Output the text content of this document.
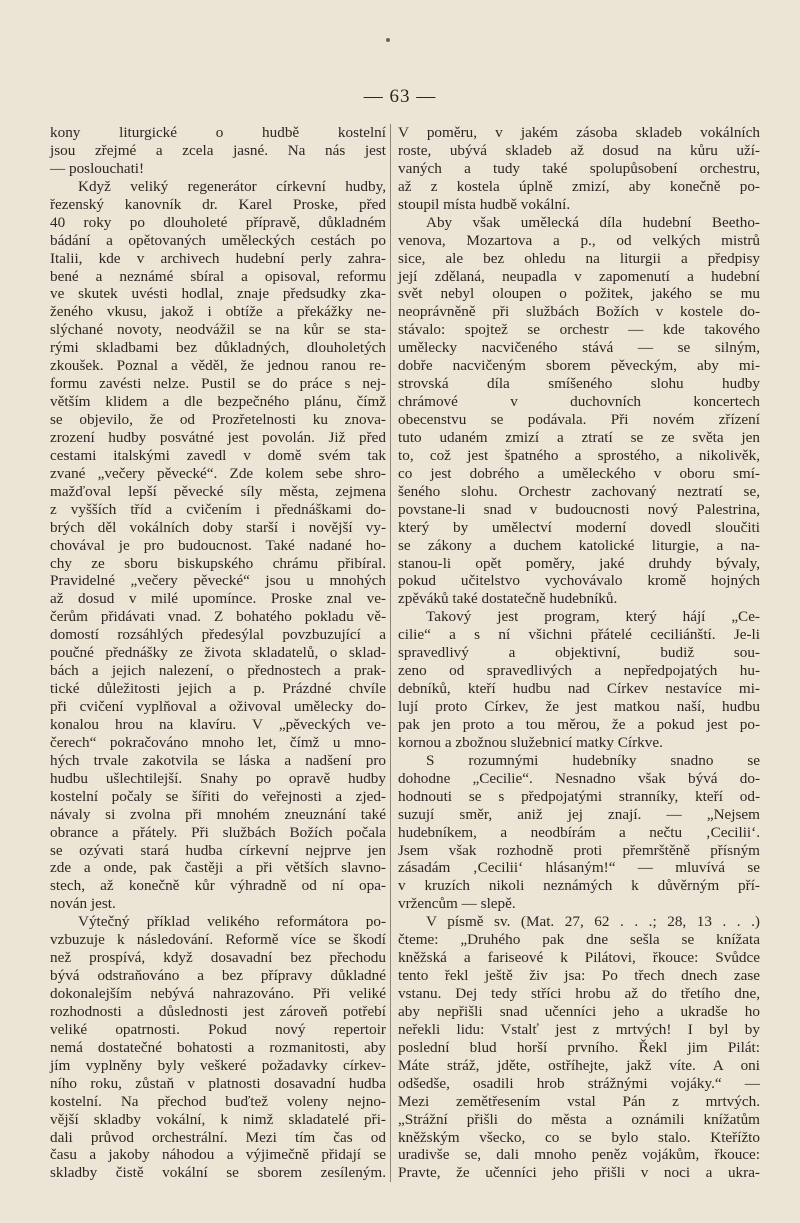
— 63 —
kony liturgické o hudbě kostelní
jsou zřejmé a zcela jasné. Na nás jest
— poslouchati!
Když veliký regenerátor církevní hudby,
řezenský kanovník dr. Karel Proske, před
40 roky po dlouholeté přípravě, důkladném
bádání a opětovaných uměleckých cestách po
Italii, kde v archivech hudební perly zahra-
bené a neznámé sbíral a opisoval, reformu
ve skutek uvésti hodlal, znaje předsudky zka-
ženého vkusu, jakož i obtíže a překážky ne-
slýchané novoty, neodvážil se na kůr se sta-
rými skladbami bez důkladných, dlouholetých
zkoušek. Poznal a věděl, že jednou ranou re-
formu zavésti nelze. Pustil se do práce s nej-
větším klidem a dle bezpečného plánu, čímž
se objevilo, že od Prozřetelnosti ku znova-
zrození hudby posvátné jest povolán. Již před
cestami italskými zavedl v domě svém tak
zvané „večery pěvecké“. Zde kolem sebe shro-
mažďoval lepší pěvecké síly města, zejmena
z vyšších tříd a cvičením i přednáškami do-
brých děl vokálních doby starší i novější vy-
chovával je pro budoucnost. Také nadané ho-
chy ze sboru biskupského chrámu přibíral.
Pravidelné „večery pěvecké“ jsou u mnohých
až dosud v milé upomínce. Proske znal ve-
čerům přidávati vnad. Z bohatého pokladu vě-
domostí rozsáhlých předesýlal povzbuzující a
poučné přednášky ze života skladatelů, o sklad-
bách a jejich nalezení, o přednostech a prak-
tické důležitosti jejich a p. Prázdné chvíle
při cvičení vyplňoval a oživoval umělecky do-
konalou hrou na klavíru. V „pěveckých ve-
čerech“ pokračováno mnoho let, čímž u mno-
hých trvale zakotvila se láska a nadšení pro
hudbu ušlechtilejší. Snahy po opravě hudby
kostelní počaly se šířiti do veřejnosti a zjed-
návaly si zvolna při mnohém zneuznání také
obrance a přátely. Při službách Božích počala
se ozývati stará hudba církevní nejprve jen
zde a onde, pak častěji a při větších slavno-
stech, až konečně kůr výhradně od ní opa-
nován jest.
Výtečný příklad velikého reformátora po-
vzbuzuje k následování. Reformě více se škodí
než prospívá, když dosavadní bez přechodu
bývá odstraňováno a bez přípravy důkladné
dokonalejším nebývá nahrazováno. Při veliké
rozhodnosti a důslednosti jest zároveň potřebí
veliké opatrnosti. Pokud nový repertoir
nemá dostatečné bohatosti a rozmanitosti, aby
jím vyplněny byly veškeré požadavky církev-
ního roku, zůstaň v platnosti dosavadní hudba
kostelní. Na přechod buďtež voleny nejno-
vější skladby vokální, k nimž skladatelé při-
dali průvod orchestrální. Mezi tím čas od
času a jakoby náhodou a výjimečně přidají se
skladby čistě vokální se sborem zesíleným.
V poměru, v jakém zásoba skladeb vokálních
roste, ubývá skladeb až dosud na kůru uží-
vaných a tudy také spolupůsobení orchestru,
až z kostela úplně zmizí, aby konečně po-
stoupil místa hudbě vokální.
Aby však umělecká díla hudební Beetho-
venova, Mozartova a p., od velkých mistrů
sice, ale bez ohledu na liturgii a předpisy
její zdělaná, neupadla v zapomenutí a hudební
svět nebyl oloupen o požitek, jakého se mu
neoprávněně při službách Božích v kostele do-
stávalo: spojtež se orchestr — kde takového
umělecky nacvičeného stává — se silným,
dobře nacvičeným sborem pěveckým, aby mi-
strovská díla smíšeného slohu hudby
chrámové v duchovních koncertech
obecenstvu se podávala. Při novém zřízení
tuto udaném zmizí a ztratí se ze světa jen
to, což jest špatného a sprostého, a nikolivěk,
co jest dobrého a uměleckého v oboru smí-
šeného slohu. Orchestr zachovaný neztratí se,
povstane-li snad v budoucnosti nový Palestrina,
který by umělectví moderní dovedl sloučiti
se zákony a duchem katolické liturgie, a na-
stanou-li opět poměry, jaké druhdy bývaly,
pokud učitelstvo vychovávalo kromě hojných
zpěváků také dostatečně hudebníků.
Takový jest program, který hájí „Ce-
cilie“ a s ní všichni přátelé ceciliánští. Je-li
spravedlivý a objektivní, budiž sou-
zeno od spravedlivých a nepředpojatých hu-
debníků, kteří hudbu nad Církev nestavíce mi-
lují proto Církev, že jest matkou naší, hudbu
pak jen proto a tou měrou, že a pokud jest po-
kornou a zbožnou služebnicí matky Církve.
S rozumnými hudebníky snadno se
dohodne „Cecilie“. Nesnadno však bývá do-
hodnouti se s předpojatými stranníky, kteří od-
suzují směr, aniž jej znají. — „Nejsem
hudebníkem, a neodbírám a nečtu ‚Cecilii‘.
Jsem však rozhodně proti přemrštěně přísným
zásadám ‚Cecilii‘ hlásaným!“ — mluvívá se
v kruzích nikoli neznámých k důvěrným pří-
vržencům — slepě.
V písmě sv. (Mat. 27, 62 . . .; 28, 13 . . .)
čteme: „Druhého pak dne sešla se knížata
kněžská a fariseové k Pilátovi, řkouce: Svůdce
tento řekl ještě živ jsa: Po třech dnech zase
vstanu. Dej tedy stříci hrobu až do třetího dne,
aby nepřišli snad učenníci jeho a ukradše ho
neřekli lidu: Vstalť jest z mrtvých! I byl by
poslední blud horší prvního. Řekl jim Pilát:
Máte stráž, jděte, ostříhejte, jakž víte. A oni
odšedše, osadili hrob strážnými vojáky.“ —
Mezi zemětřesením vstal Pán z mrtvých.
„Strážní přišli do města a oznámili knížatům
kněžským všecko, co se bylo stalo. Kteřížto
uradivše se, dali mnoho peněz vojákům, řkouce:
Pravte, že učenníci jeho přišli v noci a ukra-
